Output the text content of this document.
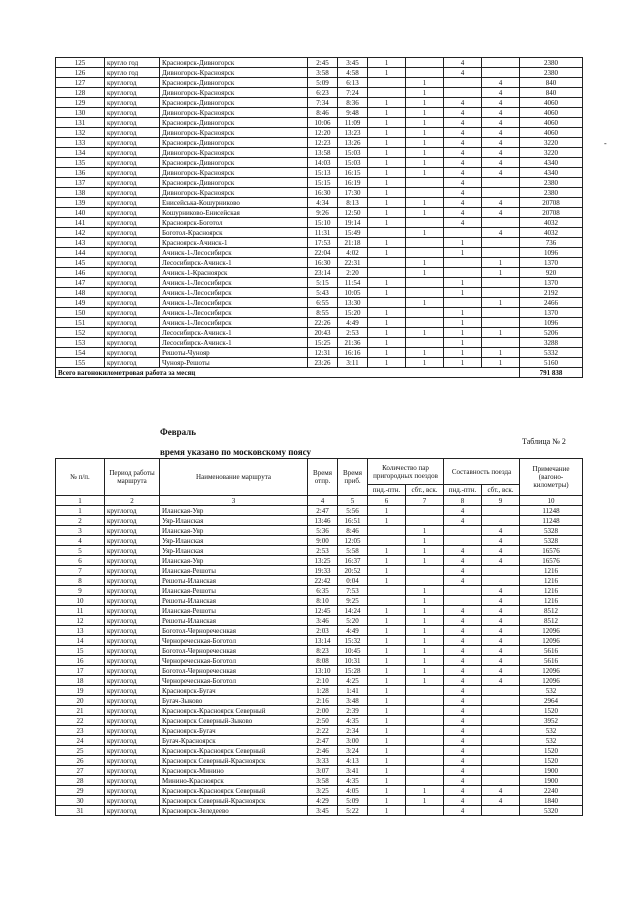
-
125	кругло год	Красноярск-Дивногорск	2:45	3:45	1		4		2380
126	кругло год	Дивногорск-Красноярск	3:58	4:58	1		4		2380
127	круглогод	Красноярск-Дивногорск	5:09	6:13		1		4	840
128	круглогод	Дивногорск-Красноярск	6:23	7:24		1		4	840
129	круглогод	Красноярск-Дивногорск	7:34	8:36	1	1	4	4	4060
130	круглогод	Дивногорск-Красноярск	8:46	9:48	1	1	4	4	4060
131	круглогод	Красноярск-Дивногорск	10:06	11:09	1	1	4	4	4060
132	круглогод	Дивногорск-Красноярск	12:20	13:23	1	1	4	4	4060
133	круглогод	Красноярск-Дивногорск	12:23	13:26	1	1	4	4	3220
134	круглогод	Дивногорск-Красноярск	13:58	15:03	1	1	4	4	3220
135	круглогод	Красноярск-Дивногорск	14:03	15:03	1	1	4	4	4340
136	круглогод	Дивногорск-Красноярск	15:13	16:15	1	1	4	4	4340
137	круглогод	Красноярск-Дивногорск	15:15	16:19	1		4		2380
138	круглогод	Дивногорск-Красноярск	16:30	17:30	1		4		2380
139	круглогод	Енисейська-Кошурниково	4:34	8:13	1	1	4	4	20708
140	круглогод	Кошурниково-Енисейская	9:26	12:50	1	1	4	4	20708
141	круглогод	Красноярск-Боготол	15:10	19:14	1		4		4032
142	круглогод	Боготол-Красноярск	11:31	15:49		1		4	4032
143	круглогод	Красноярск-Ачинск-1	17:53	21:18	1		1		736
144	круглогод	Ачинск-1-Лесосибирск	22:04	4:02	1		1		1096
145	круглогод	Лесосибирск-Ачинск-1	16:30	22:31		1		1	1370
146	круглогод	Ачинск-1-Красноярск	23:14	2:20		1		1	920
147	круглогод	Ачинск-1-Лесосибирск	5:15	11:54	1		1		1370
148	круглогод	Ачинск-1-Лесосибирск	5:43	10:05	1		1		2192
149	круглогод	Ачинск-1-Лесосибирск	6:55	13:30		1		1	2466
150	круглогод	Ачинск-1-Лесосибирск	8:55	15:20	1		1		1370
151	круглогод	Ачинск-1-Лесосибирск	22:26	4:49	1		1		1096
152	круглогод	Лесосибирск-Ачинск-1	20:43	2:53	1	1	1	1	5206
153	круглогод	Лесосибирск-Ачинск-1	15:25	21:36	1		1		3288
154	круглогод	Решоты-Чунояр	12:31	16:16	1	1	1	1	5332
155	круглогод	Чунояр-Решоты	23:26	3:11	1	1	1	1	5160
Всего вагонокилометровая работа за месяц									791 838
Февраль
Таблица № 2
время указано по московскому поясу
№ п/п.	Период работы маршрута	Наименование маршрута	Время отпр.	Время приб.	Количество пар пригородных поездов		Составность поезда		Примечание (вагоно-километры)
					пнд.-птн.	сбт., вск.	пнд.-птн.	сбт., вск.	
1	2	3	4	5	6	7	8	9	10
1	круглогод	Иланская-Уяр	2:47	5:56	1		4		11248
2	круглогод	Уяр-Иланская	13:46	16:51	1		4		11248
3	круглогод	Иланская-Уяр	5:36	8:46		1		4	5328
4	круглогод	Уяр-Иланская	9:00	12:05		1		4	5328
5	круглогод	Уяр-Иланская	2:53	5:58	1	1	4	4	16576
6	круглогод	Иланская-Уяр	13:25	16:37	1	1	4	4	16576
7	круглогод	Иланская-Решоты	19:33	20:52	1		4		1216
8	круглогод	Решоты-Иланская	22:42	0:04	1		4		1216
9	круглогод	Иланская-Решоты	6:35	7:53		1		4	1216
10	круглогод	Решоты-Иланская	8:10	9:25		1		4	1216
11	круглогод	Иланская-Решоты	12:45	14:24	1	1	4	4	8512
12	круглогод	Решоты-Иланская	3:46	5:20	1	1	4	4	8512
13	круглогод	Боготол-Черноречеснкая	2:03	4:49	1	1	4	4	12096
14	круглогод	Черноречеснкая-Боготол	13:14	15:32	1	1	4	4	12096
15	круглогод	Боготол-Черноречеснкая	8:23	10:45	1	1	4	4	5616
16	круглогод	Черноречеснкая-Боготол	8:08	10:31	1	1	4	4	5616
17	круглогод	Боготол-Черноречеснкая	13:10	15:28	1	1	4	4	12096
18	круглогод	Черноречеснкая-Боготол	2:10	4:25	1	1	4	4	12096
19	круглогод	Красноярск-Бугач	1:28	1:41	1		4		532
20	круглогод	Бугач-Зыково	2:16	3:48	1		4		2964
21	круглогод	Красноярск-Красноярск Северный	2:00	2:39	1		4		1520
22	круглогод	Красноярск Северный-Зыково	2:50	4:35	1		4		3952
23	круглогод	Красноярск-Бугач	2:22	2:34	1		4		532
24	круглогод	Бугач-Красноярск	2:47	3:00	1		4		532
25	круглогод	Красноярск-Красноярск Северный	2:46	3:24	1		4		1520
26	круглогод	Красноярск Северный-Красноярск	3:33	4:13	1		4		1520
27	круглогод	Красноярск-Минино	3:07	3:41	1		4		1900
28	круглогод	Минино-Красноярск	3:58	4:35	1		4		1900
29	круглогод	Красноярск-Красноярск Северный	3:25	4:05	1	1	4	4	2240
30	круглогод	Красноярск Северный-Красноярск	4:29	5:09	1	1	4	4	1840
31	круглогод	Красноярск-Зеледеево	3:45	5:22	1		4		5320
